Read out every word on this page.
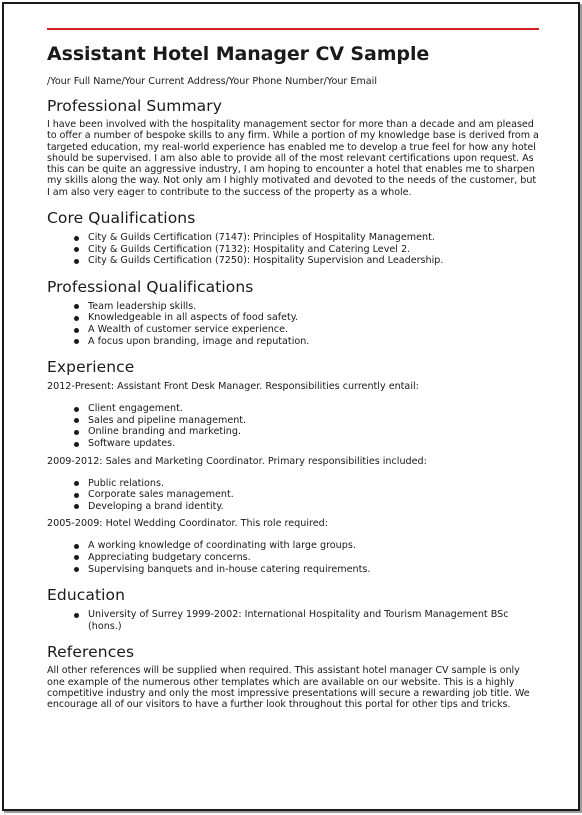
Assistant Hotel Manager CV Sample
/Your Full Name/Your Current Address/Your Phone Number/Your Email
Professional Summary

I have been involved with the hospitality management sector for more than a decade and am pleased to offer a number of bespoke skills to any firm. While a portion of my knowledge base is derived from a targeted education, my real-world experience has enabled me to develop a true feel for how any hotel should be supervised. I am also able to provide all of the most relevant certifications upon request. As this can be quite an aggressive industry, I am hoping to encounter a hotel that enables me to sharpen my skills along the way. Not only am I highly motivated and devoted to the needs of the customer, but I am also very eager to contribute to the success of the property as a whole.

Core Qualifications
City & Guilds Certification (7147): Principles of Hospitality Management.
City & Guilds Certification (7132): Hospitality and Catering Level 2.
City & Guilds Certification (7250): Hospitality Supervision and Leadership.
Professional Qualifications
Team leadership skills.
Knowledgeable in all aspects of food safety.
A Wealth of customer service experience.
A focus upon branding, image and reputation.
Experience
2012-Present: Assistant Front Desk Manager. Responsibilities currently entail:
Client engagement.
Sales and pipeline management.
Online branding and marketing.
Software updates.
2009-2012: Sales and Marketing Coordinator. Primary responsibilities included:
Public relations.
Corporate sales management.
Developing a brand identity.
2005-2009: Hotel Wedding Coordinator. This role required:
A working knowledge of coordinating with large groups.
Appreciating budgetary concerns.
Supervising banquets and in-house catering requirements.
Education
University of Surrey 1999-2002: International Hospitality and Tourism Management BSc (hons.)
References

All other references will be supplied when required. This assistant hotel manager CV sample is only one example of the numerous other templates which are available on our website. This is a highly competitive industry and only the most impressive presentations will secure a rewarding job title. We encourage all of our visitors to have a further look throughout this portal for other tips and tricks.
